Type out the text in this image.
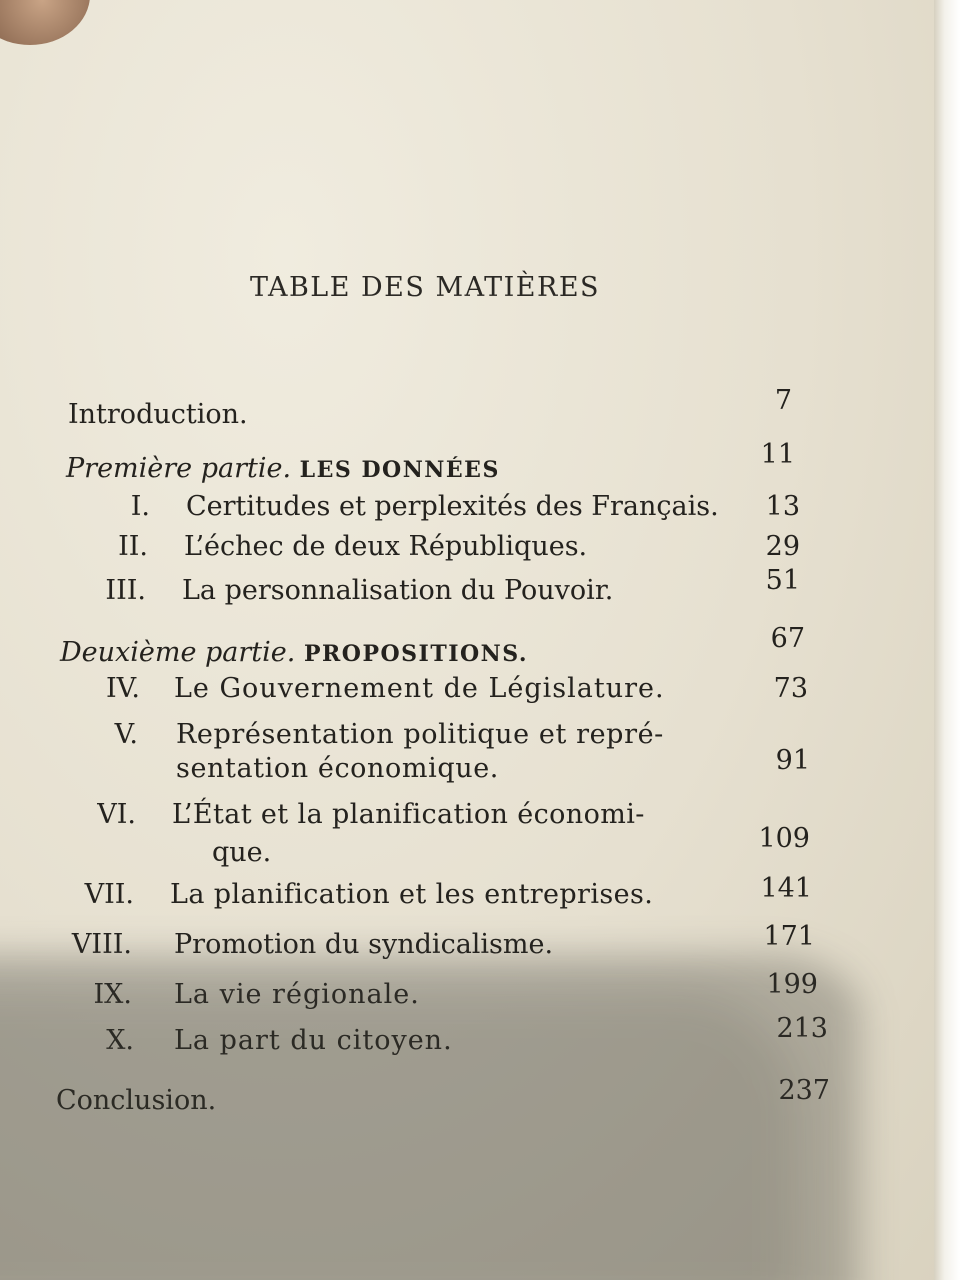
TABLE DES MATIÈRES
Introduction.	7
Première partie. LES DONNÉES	11
I. Certitudes et perplexités des Français.	13
II. L’échec de deux Républiques.	29
III. La personnalisation du Pouvoir.	51
Deuxième partie. PROPOSITIONS.	67
IV. Le Gouvernement de Législature.	73
V. Représentation politique et repré-
sentation économique.	91
VI. L’État et la planification économi-
que.	109
VII. La planification et les entreprises.	141
VIII. Promotion du syndicalisme.	171
IX. La vie régionale.	199
X. La part du citoyen.	213
Conclusion.	237
